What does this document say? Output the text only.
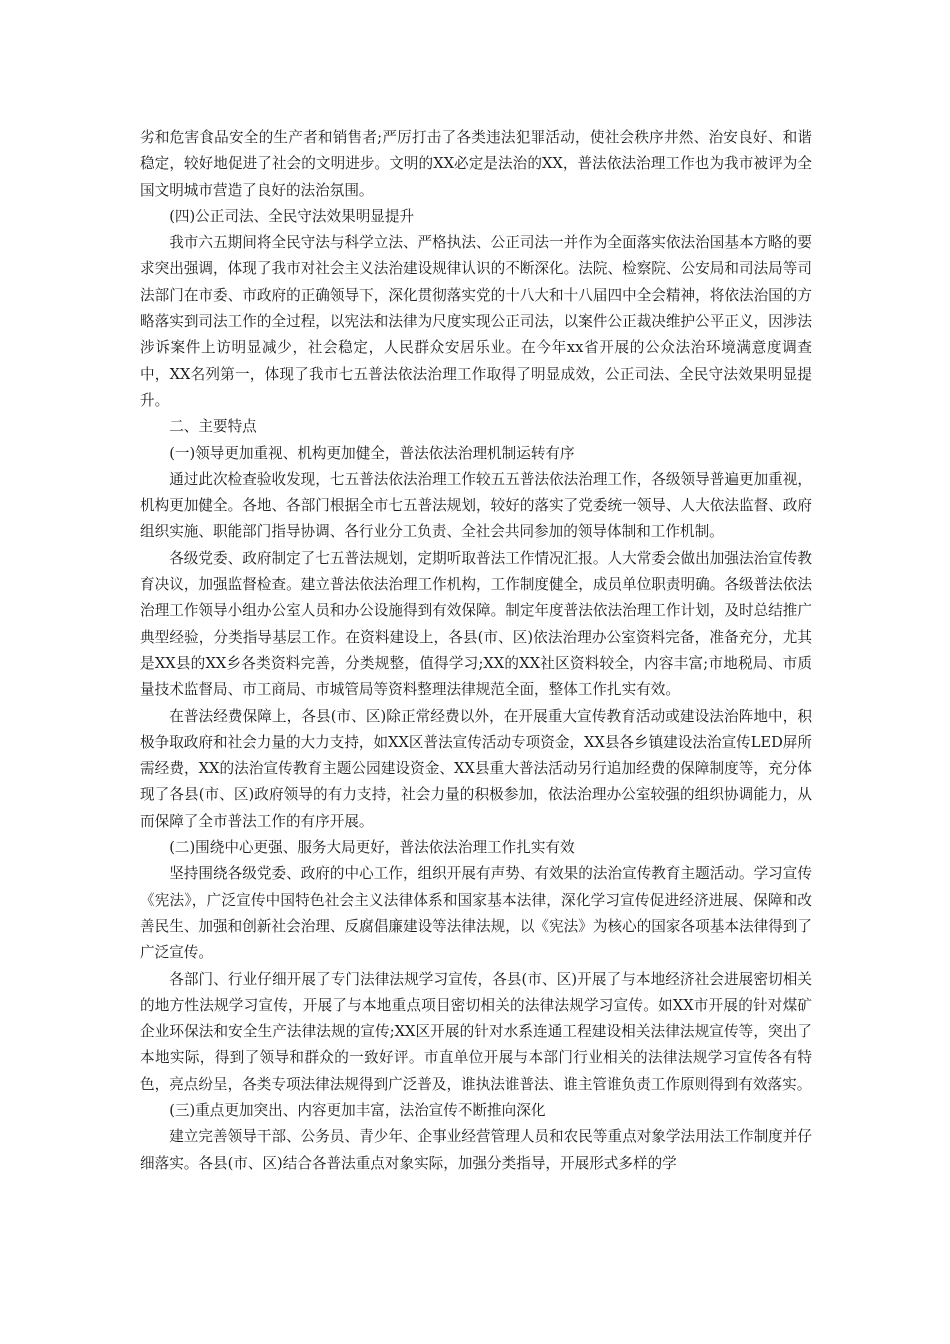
劣和危害食品安全的生产者和销售者;严厉打击了各类违法犯罪活动，使社会秩序井然、治安良好、和谐稳定，较好地促进了社会的文明进步。文明的XX必定是法治的XX，普法依法治理工作也为我市被评为全国文明城市营造了良好的法治氛围。

(四)公正司法、全民守法效果明显提升

我市六五期间将全民守法与科学立法、严格执法、公正司法一并作为全面落实依法治国基本方略的要求突出强调，体现了我市对社会主义法治建设规律认识的不断深化。法院、检察院、公安局和司法局等司法部门在市委、市政府的正确领导下，深化贯彻落实党的十八大和十八届四中全会精神，将依法治国的方略落实到司法工作的全过程，以宪法和法律为尺度实现公正司法，以案件公正裁决维护公平正义，因涉法涉诉案件上访明显减少，社会稳定，人民群众安居乐业。在今年xx省开展的公众法治环境满意度调查中，XX名列第一，体现了我市七五普法依法治理工作取得了明显成效，公正司法、全民守法效果明显提升。

二、主要特点

(一)领导更加重视、机构更加健全，普法依法治理机制运转有序

通过此次检查验收发现，七五普法依法治理工作较五五普法依法治理工作，各级领导普遍更加重视，机构更加健全。各地、各部门根据全市七五普法规划，较好的落实了党委统一领导、人大依法监督、政府组织实施、职能部门指导协调、各行业分工负责、全社会共同参加的领导体制和工作机制。

各级党委、政府制定了七五普法规划，定期听取普法工作情况汇报。人大常委会做出加强法治宣传教育决议，加强监督检查。建立普法依法治理工作机构，工作制度健全，成员单位职责明确。各级普法依法治理工作领导小组办公室人员和办公设施得到有效保障。制定年度普法依法治理工作计划，及时总结推广典型经验，分类指导基层工作。在资料建设上，各县(市、区)依法治理办公室资料完备，准备充分，尤其是XX县的XX乡各类资料完善，分类规整，值得学习;XX的XX社区资料较全，内容丰富;市地税局、市质量技术监督局、市工商局、市城管局等资料整理法律规范全面，整体工作扎实有效。

在普法经费保障上，各县(市、区)除正常经费以外，在开展重大宣传教育活动或建设法治阵地中，积极争取政府和社会力量的大力支持，如XX区普法宣传活动专项资金，XX县各乡镇建设法治宣传LED屏所需经费，XX的法治宣传教育主题公园建设资金、XX县重大普法活动另行追加经费的保障制度等，充分体现了各县(市、区)政府领导的有力支持，社会力量的积极参加，依法治理办公室较强的组织协调能力，从而保障了全市普法工作的有序开展。

(二)围绕中心更强、服务大局更好，普法依法治理工作扎实有效

坚持围绕各级党委、政府的中心工作，组织开展有声势、有效果的法治宣传教育主题活动。学习宣传《宪法》，广泛宣传中国特色社会主义法律体系和国家基本法律，深化学习宣传促进经济进展、保障和改善民生、加强和创新社会治理、反腐倡廉建设等法律法规，以《宪法》为核心的国家各项基本法律得到了广泛宣传。

各部门、行业仔细开展了专门法律法规学习宣传，各县(市、区)开展了与本地经济社会进展密切相关的地方性法规学习宣传，开展了与本地重点项目密切相关的法律法规学习宣传。如XX市开展的针对煤矿企业环保法和安全生产法律法规的宣传;XX区开展的针对水系连通工程建设相关法律法规宣传等，突出了本地实际，得到了领导和群众的一致好评。市直单位开展与本部门行业相关的法律法规学习宣传各有特色，亮点纷呈，各类专项法律法规得到广泛普及，谁执法谁普法、谁主管谁负责工作原则得到有效落实。

(三)重点更加突出、内容更加丰富，法治宣传不断推向深化

建立完善领导干部、公务员、青少年、企事业经营管理人员和农民等重点对象学法用法工作制度并仔细落实。各县(市、区)结合各普法重点对象实际，加强分类指导，开展形式多样的学
